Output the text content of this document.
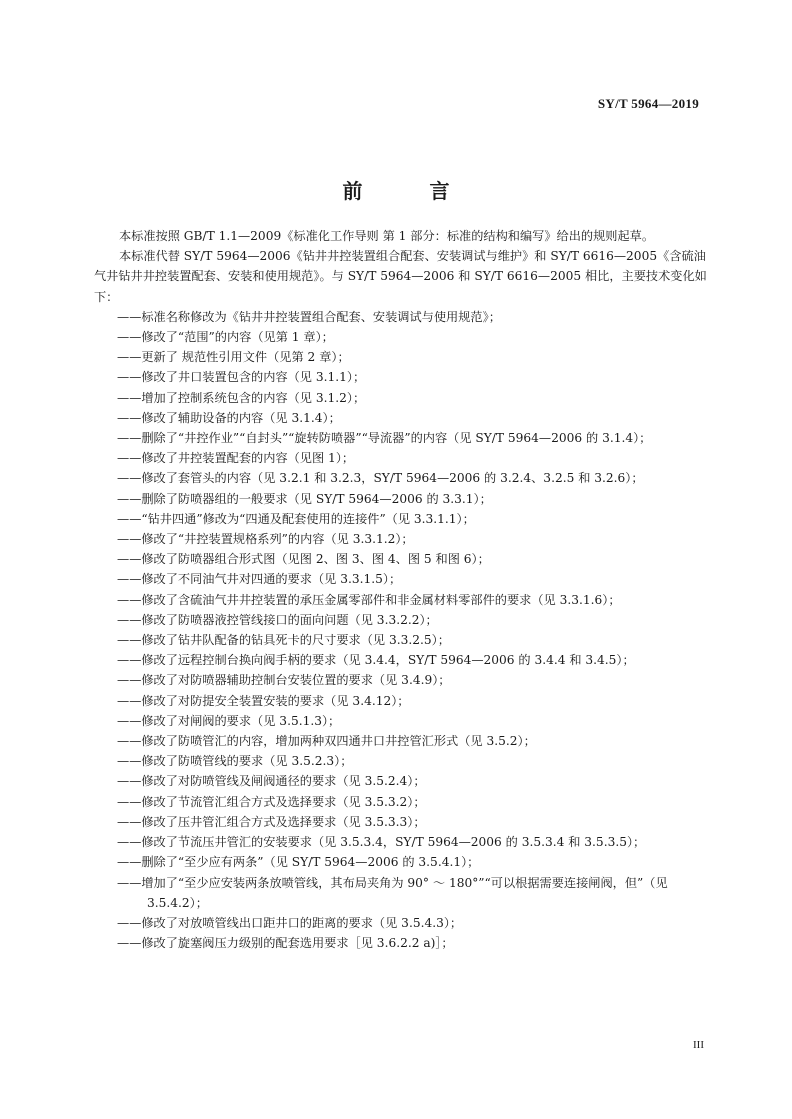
SY/T 5964—2019
前 言

本标准按照 GB/T 1.1—2009《标准化工作导则 第 1 部分：标准的结构和编写》给出的规则起草。

本标准代替 SY/T 5964—2006《钻井井控装置组合配套、安装调试与维护》和 SY/T 6616—2005《含硫油气井钻井井控装置配套、安装和使用规范》。与 SY/T 5964—2006 和 SY/T 6616—2005 相比，主要技术变化如下：

——标准名称修改为《钻井井控装置组合配套、安装调试与使用规范》；
——修改了“范围”的内容（见第 1 章）；
——更新了 规范性引用文件（见第 2 章）；
——修改了井口装置包含的内容（见 3.1.1）；
——增加了控制系统包含的内容（见 3.1.2）；
——修改了辅助设备的内容（见 3.1.4）；
——删除了“井控作业”“自封头”“旋转防喷器”“导流器”的内容（见 SY/T 5964—2006 的 3.1.4）；
——修改了井控装置配套的内容（见图 1）；
——修改了套管头的内容（见 3.2.1 和 3.2.3，SY/T 5964—2006 的 3.2.4、3.2.5 和 3.2.6）；
——删除了防喷器组的一般要求（见 SY/T 5964—2006 的 3.3.1）；
——“钻井四通”修改为“四通及配套使用的连接件”（见 3.3.1.1）；
——修改了“井控装置规格系列”的内容（见 3.3.1.2）；
——修改了防喷器组合形式图（见图 2、图 3、图 4、图 5 和图 6）；
——修改了不同油气井对四通的要求（见 3.3.1.5）；
——修改了含硫油气井井控装置的承压金属零部件和非金属材料零部件的要求（见 3.3.1.6）；
——修改了防喷器液控管线接口的面向问题（见 3.3.2.2）；
——修改了钻井队配备的钻具死卡的尺寸要求（见 3.3.2.5）；
——修改了远程控制台换向阀手柄的要求（见 3.4.4，SY/T 5964—2006 的 3.4.4 和 3.4.5）；
——修改了对防喷器辅助控制台安装位置的要求（见 3.4.9）；
——修改了对防提安全装置安装的要求（见 3.4.12）；
——修改了对闸阀的要求（见 3.5.1.3）；
——修改了防喷管汇的内容，增加两种双四通井口井控管汇形式（见 3.5.2）；
——修改了防喷管线的要求（见 3.5.2.3）；
——修改了对防喷管线及闸阀通径的要求（见 3.5.2.4）；
——修改了节流管汇组合方式及选择要求（见 3.5.3.2）；
——修改了压井管汇组合方式及选择要求（见 3.5.3.3）；
——修改了节流压井管汇的安装要求（见 3.5.3.4，SY/T 5964—2006 的 3.5.3.4 和 3.5.3.5）；
——删除了“至少应有两条”（见 SY/T 5964—2006 的 3.5.4.1）；
——增加了“至少应安装两条放喷管线，其布局夹角为 90° ～ 180°”“可以根据需要连接闸阀，但”（见 3.5.4.2）；
——修改了对放喷管线出口距井口的距离的要求（见 3.5.4.3）；
——修改了旋塞阀压力级别的配套选用要求［见 3.6.2.2 a)］；
III
